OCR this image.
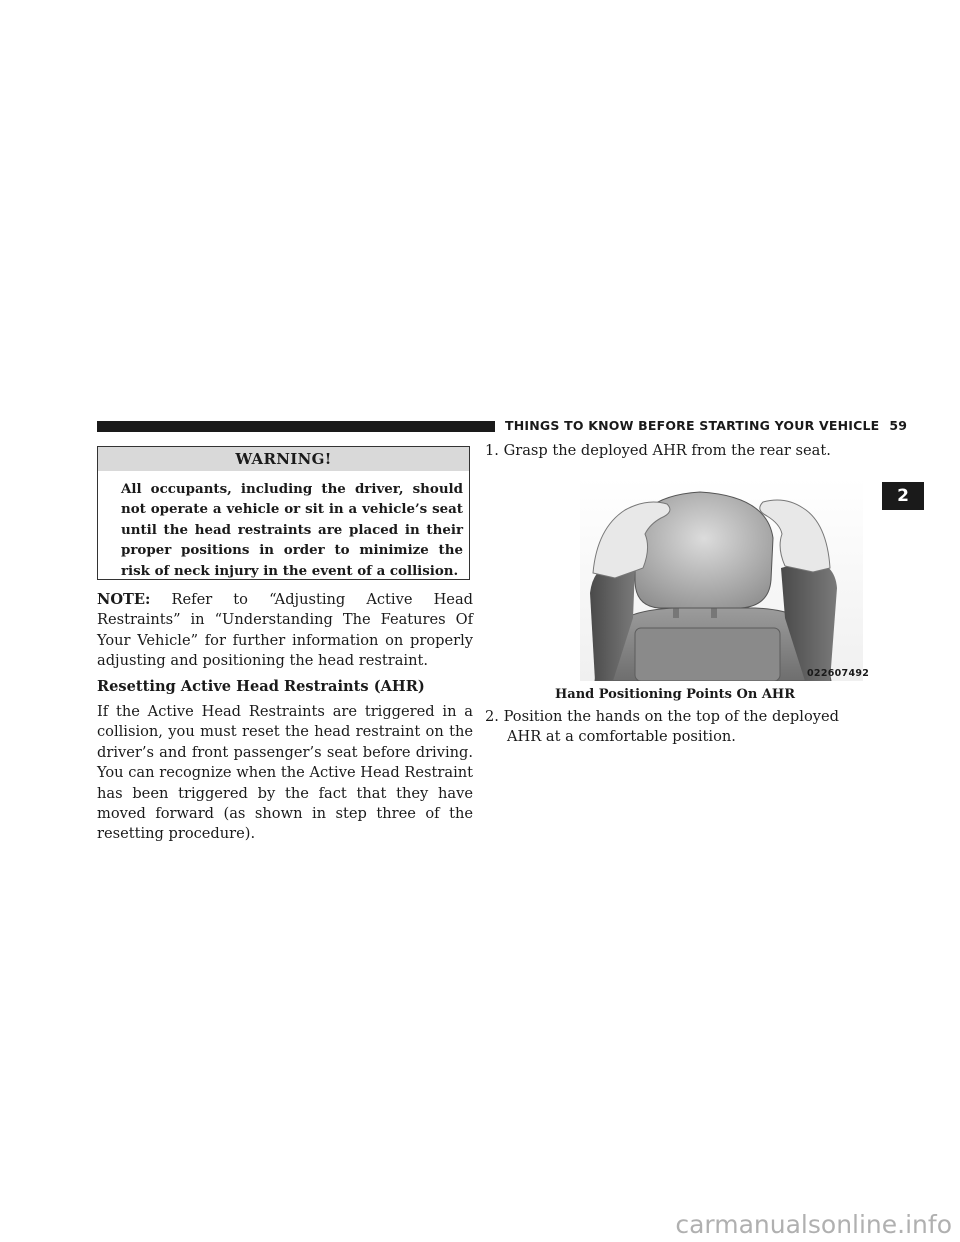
THINGS TO KNOW BEFORE STARTING YOUR VEHICLE 59
2
WARNING!
All occupants, including the driver, should not operate a vehicle or sit in a vehicle’s seat until the head restraints are placed in their proper positions in order to minimize the risk of neck injury in the event of a collision.
NOTE: Refer to “Adjusting Active Head Restraints” in “Understanding The Features Of Your Vehicle” for further information on properly adjusting and positioning the head restraint.
Resetting Active Head Restraints (AHR)
If the Active Head Restraints are triggered in a collision, you must reset the head restraint on the driver’s and front passenger’s seat before driving. You can recognize when the Active Head Restraint has been triggered by the fact that they have moved forward (as shown in step three of the resetting procedure).
1. Grasp the deployed AHR from the rear seat.
022607492
Hand Positioning Points On AHR
2. Position the hands on the top of the deployed AHR at a comfortable position.
carmanualsonline.info
